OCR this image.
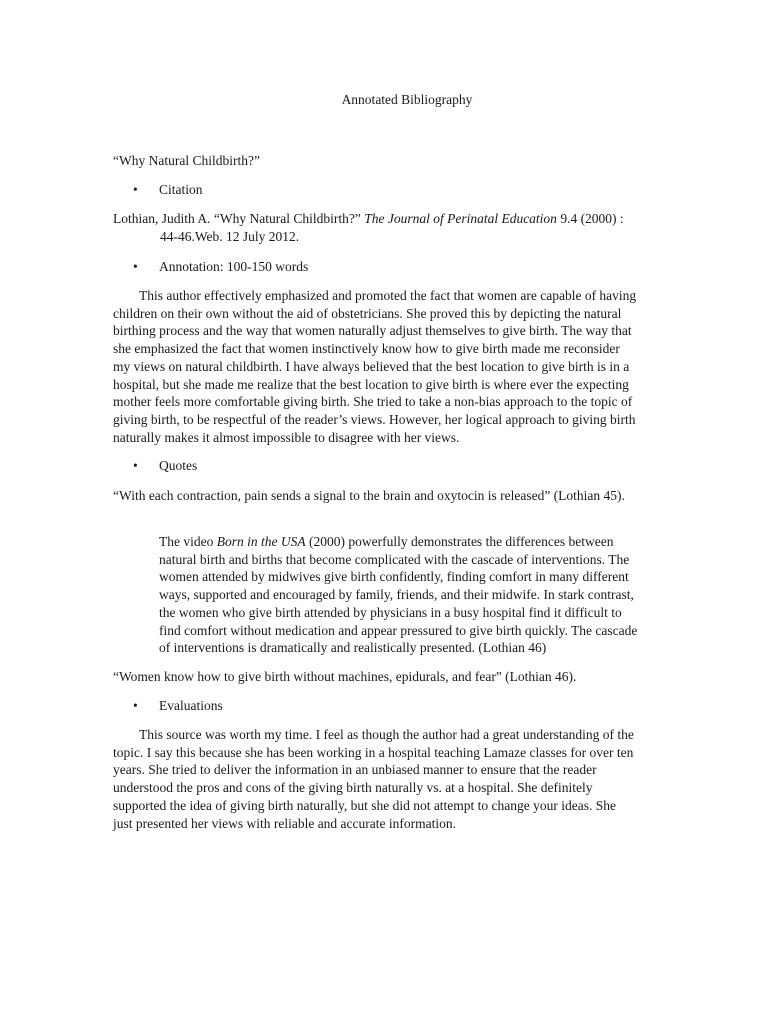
Annotated Bibliography
“Why Natural Childbirth?”
• Citation
Lothian, Judith A. “Why Natural Childbirth?” The Journal of Perinatal Education 9.4 (2000) :
44-46.Web. 12 July 2012.
• Annotation: 100-150 words
This author effectively emphasized and promoted the fact that women are capable of having
children on their own without the aid of obstetricians. She proved this by depicting the natural
birthing process and the way that women naturally adjust themselves to give birth. The way that
she emphasized the fact that women instinctively know how to give birth made me reconsider
my views on natural childbirth. I have always believed that the best location to give birth is in a
hospital, but she made me realize that the best location to give birth is where ever the expecting
mother feels more comfortable giving birth. She tried to take a non-bias approach to the topic of
giving birth, to be respectful of the reader’s views. However, her logical approach to giving birth
naturally makes it almost impossible to disagree with her views.
• Quotes
“With each contraction, pain sends a signal to the brain and oxytocin is released” (Lothian 45).
The video Born in the USA (2000) powerfully demonstrates the differences between
natural birth and births that become complicated with the cascade of interventions. The
women attended by midwives give birth confidently, finding comfort in many different
ways, supported and encouraged by family, friends, and their midwife. In stark contrast,
the women who give birth attended by physicians in a busy hospital find it difficult to
find comfort without medication and appear pressured to give birth quickly. The cascade
of interventions is dramatically and realistically presented. (Lothian 46)
“Women know how to give birth without machines, epidurals, and fear” (Lothian 46).
• Evaluations
This source was worth my time. I feel as though the author had a great understanding of the
topic. I say this because she has been working in a hospital teaching Lamaze classes for over ten
years. She tried to deliver the information in an unbiased manner to ensure that the reader
understood the pros and cons of the giving birth naturally vs. at a hospital. She definitely
supported the idea of giving birth naturally, but she did not attempt to change your ideas. She
just presented her views with reliable and accurate information.
